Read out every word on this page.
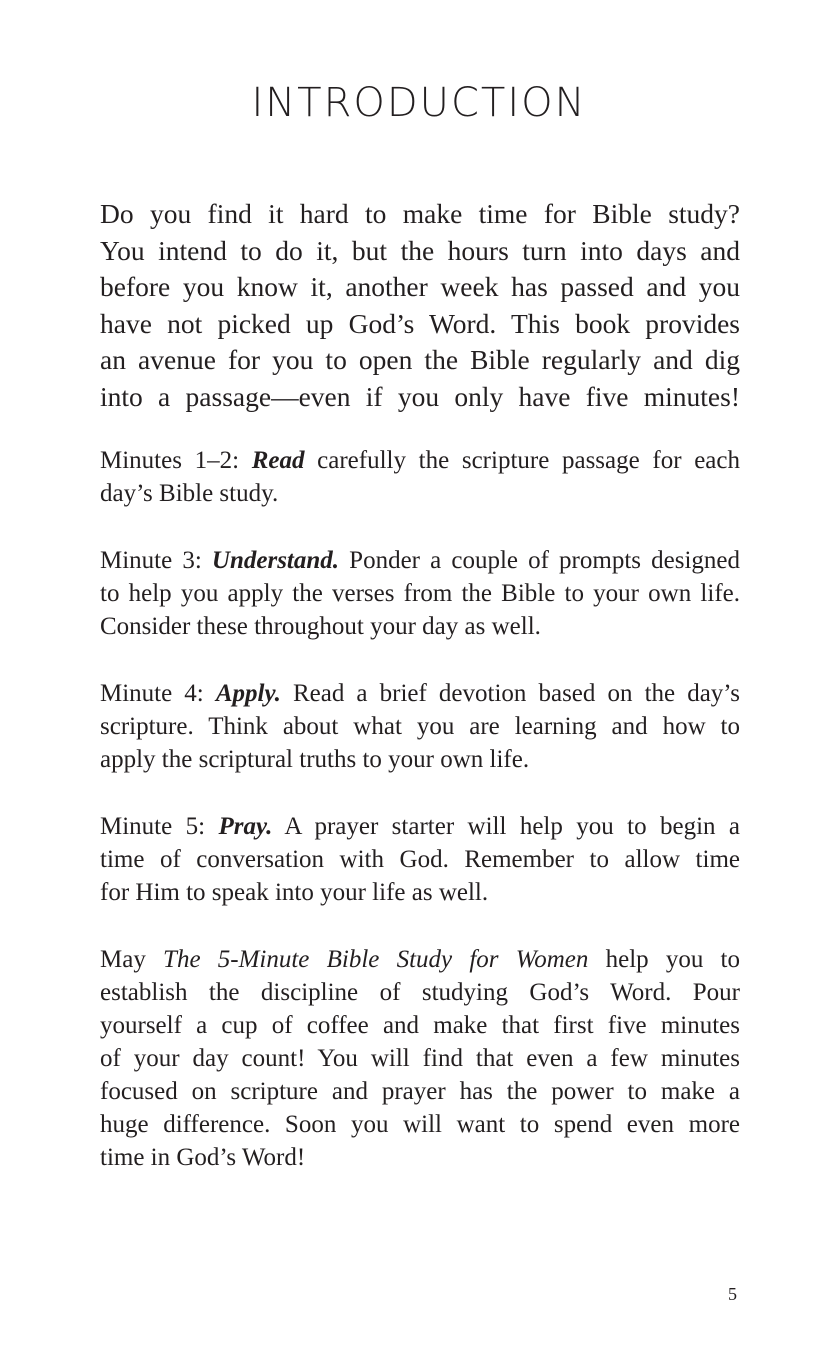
INTRODUCTION
Do you find it hard to make time for Bible study?
You intend to do it, but the hours turn into days and
before you know it, another week has passed and you
have not picked up God’s Word. This book provides
an avenue for you to open the Bible regularly and dig
into a passage—even if you only have five minutes!
Minutes 1–2: Read carefully the scripture passage for each
day’s Bible study.
Minute 3: Understand. Ponder a couple of prompts designed
to help you apply the verses from the Bible to your own life.
Consider these throughout your day as well.
Minute 4: Apply. Read a brief devotion based on the day’s
scripture. Think about what you are learning and how to
apply the scriptural truths to your own life.
Minute 5: Pray. A prayer starter will help you to begin a
time of conversation with God. Remember to allow time
for Him to speak into your life as well.
May The 5-Minute Bible Study for Women help you to
establish the discipline of studying God’s Word. Pour
yourself a cup of coffee and make that first five minutes
of your day count! You will find that even a few minutes
focused on scripture and prayer has the power to make a
huge difference. Soon you will want to spend even more
time in God’s Word!
5
